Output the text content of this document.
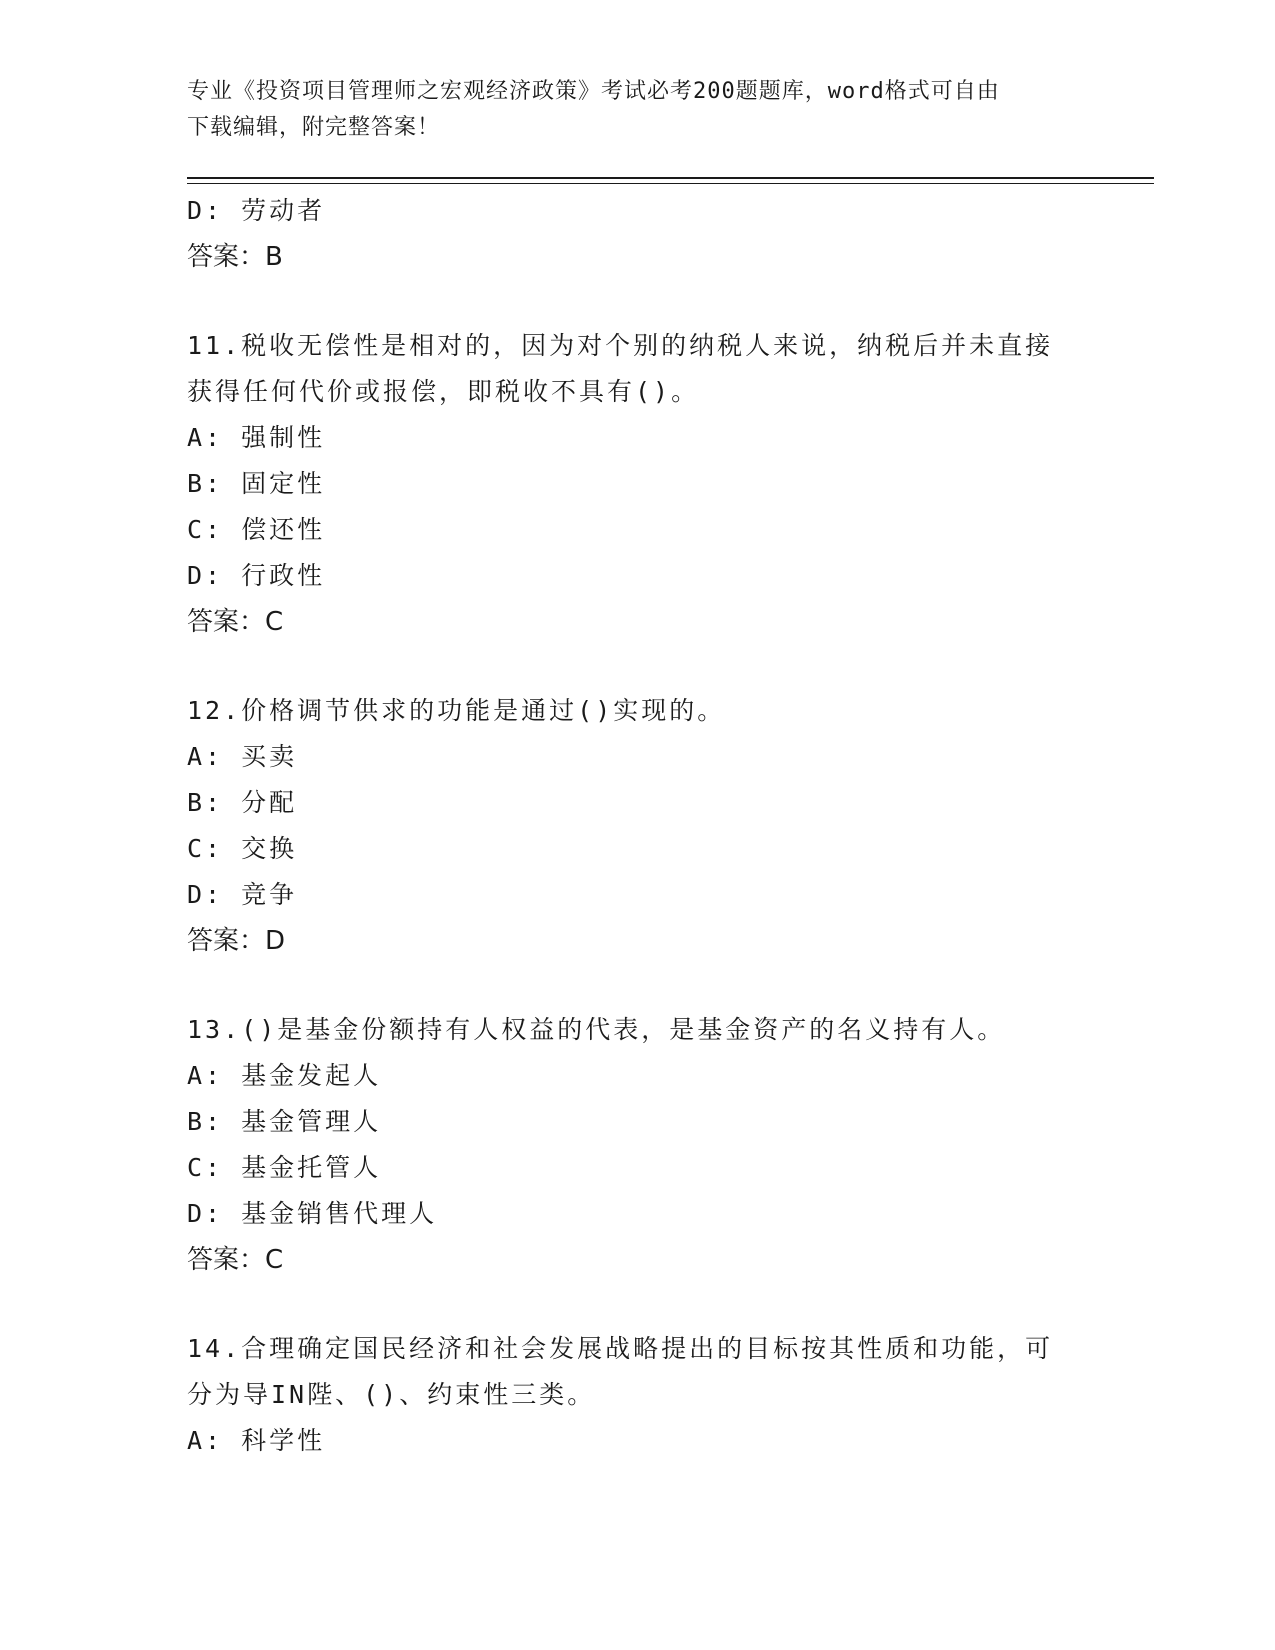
专业《投资项目管理师之宏观经济政策》考试必考200题题库，word格式可自由
下载编辑，附完整答案！
D: 劳动者
答案：B
11.税收无偿性是相对的，因为对个别的纳税人来说，纳税后并未直接
获得任何代价或报偿，即税收不具有()。
A: 强制性
B: 固定性
C: 偿还性
D: 行政性
答案：C
12.价格调节供求的功能是通过()实现的。
A: 买卖
B: 分配
C: 交换
D: 竞争
答案：D
13.()是基金份额持有人权益的代表，是基金资产的名义持有人。
A: 基金发起人
B: 基金管理人
C: 基金托管人
D: 基金销售代理人
答案：C
14.合理确定国民经济和社会发展战略提出的目标按其性质和功能，可
分为导IN陛、()、约束性三类。
A: 科学性
